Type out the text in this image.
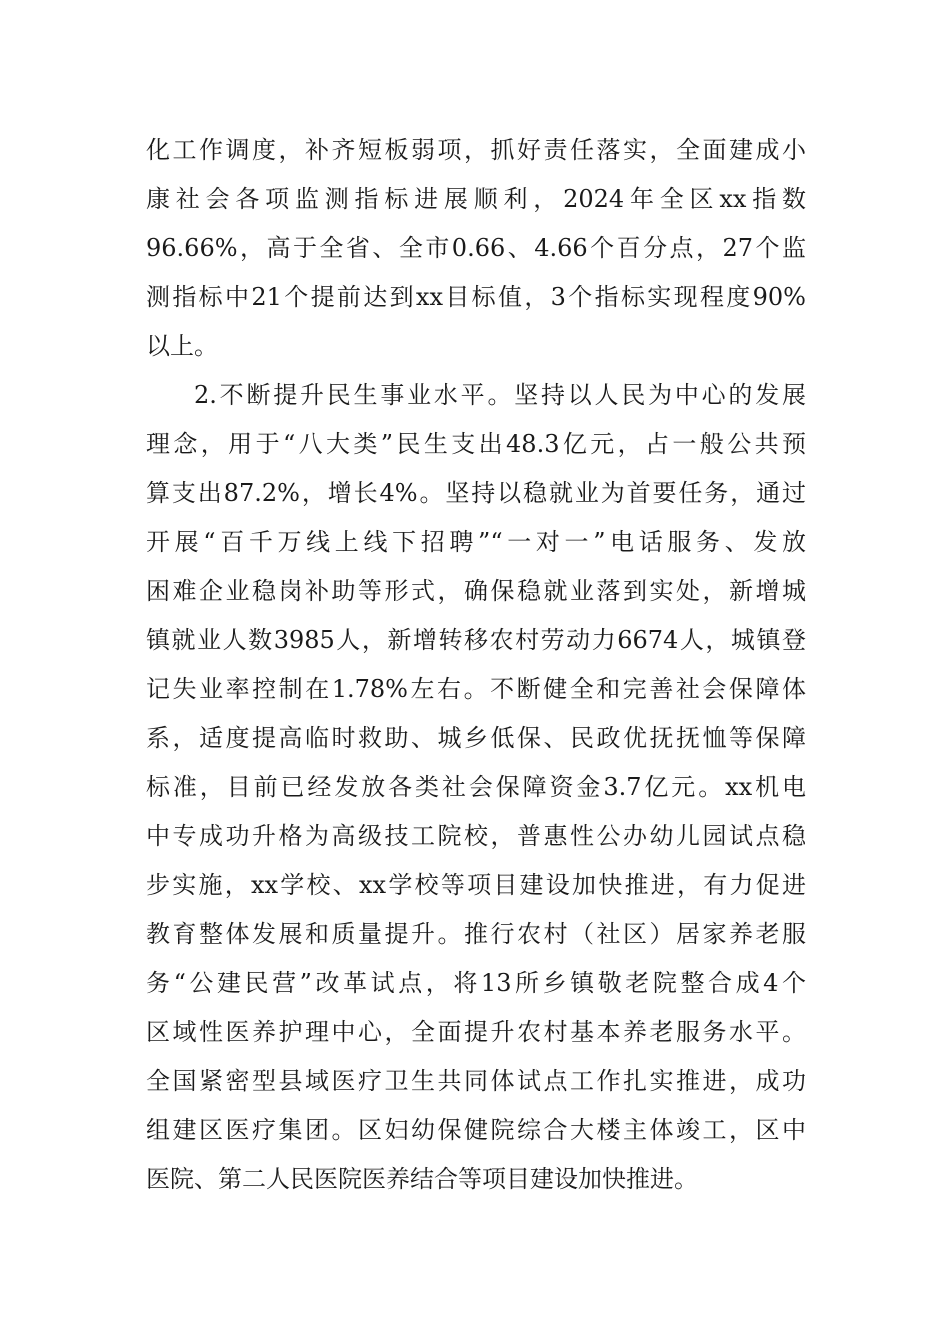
化工作调度，补齐短板弱项，抓好责任落实，全面建成小
康社会各项监测指标进展顺利，2024年全区xx指数
96.66%，高于全省、全市0.66、4.66个百分点，27个监
测指标中21个提前达到xx目标值，3个指标实现程度90%
以上。
2.不断提升民生事业水平。坚持以人民为中心的发展
理念，用于“八大类”民生支出48.3亿元，占一般公共预
算支出87.2%，增长4%。坚持以稳就业为首要任务，通过
开展“百千万线上线下招聘”“一对一”电话服务、发放
困难企业稳岗补助等形式，确保稳就业落到实处，新增城
镇就业人数3985人，新增转移农村劳动力6674人，城镇登
记失业率控制在1.78%左右。不断健全和完善社会保障体
系，适度提高临时救助、城乡低保、民政优抚抚恤等保障
标准，目前已经发放各类社会保障资金3.7亿元。xx机电
中专成功升格为高级技工院校，普惠性公办幼儿园试点稳
步实施，xx学校、xx学校等项目建设加快推进，有力促进
教育整体发展和质量提升。推行农村（社区）居家养老服
务“公建民营”改革试点，将13所乡镇敬老院整合成4个
区域性医养护理中心，全面提升农村基本养老服务水平。
全国紧密型县域医疗卫生共同体试点工作扎实推进，成功
组建区医疗集团。区妇幼保健院综合大楼主体竣工，区中
医院、第二人民医院医养结合等项目建设加快推进。
